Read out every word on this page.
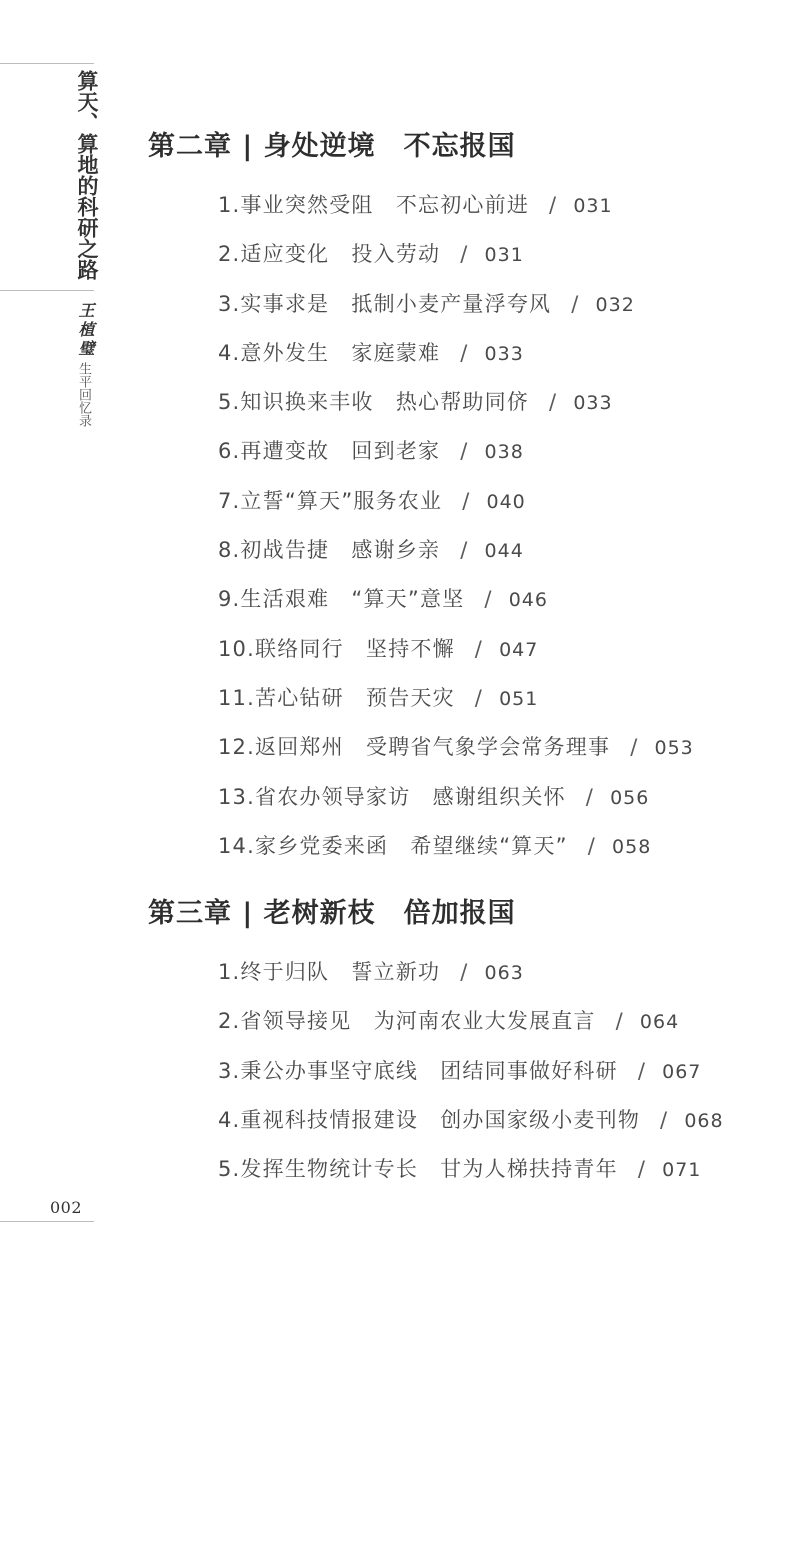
算天、算地的科研之路
王植璧
生平回忆录
002
第二章 | 身处逆境　不忘报国
1.事业突然受阻　不忘初心前进 / 031
2.适应变化　投入劳动 / 031
3.实事求是　抵制小麦产量浮夸风 / 032
4.意外发生　家庭蒙难 / 033
5.知识换来丰收　热心帮助同侪 / 033
6.再遭变故　回到老家 / 038
7.立誓“算天”服务农业 / 040
8.初战告捷　感谢乡亲 / 044
9.生活艰难　“算天”意坚 / 046
10.联络同行　坚持不懈 / 047
11.苦心钻研　预告天灾 / 051
12.返回郑州　受聘省气象学会常务理事 / 053
13.省农办领导家访　感谢组织关怀 / 056
14.家乡党委来函　希望继续“算天” / 058
第三章 | 老树新枝　倍加报国
1.终于归队　誓立新功 / 063
2.省领导接见　为河南农业大发展直言 / 064
3.秉公办事坚守底线　团结同事做好科研 / 067
4.重视科技情报建设　创办国家级小麦刊物 / 068
5.发挥生物统计专长　甘为人梯扶持青年 / 071
